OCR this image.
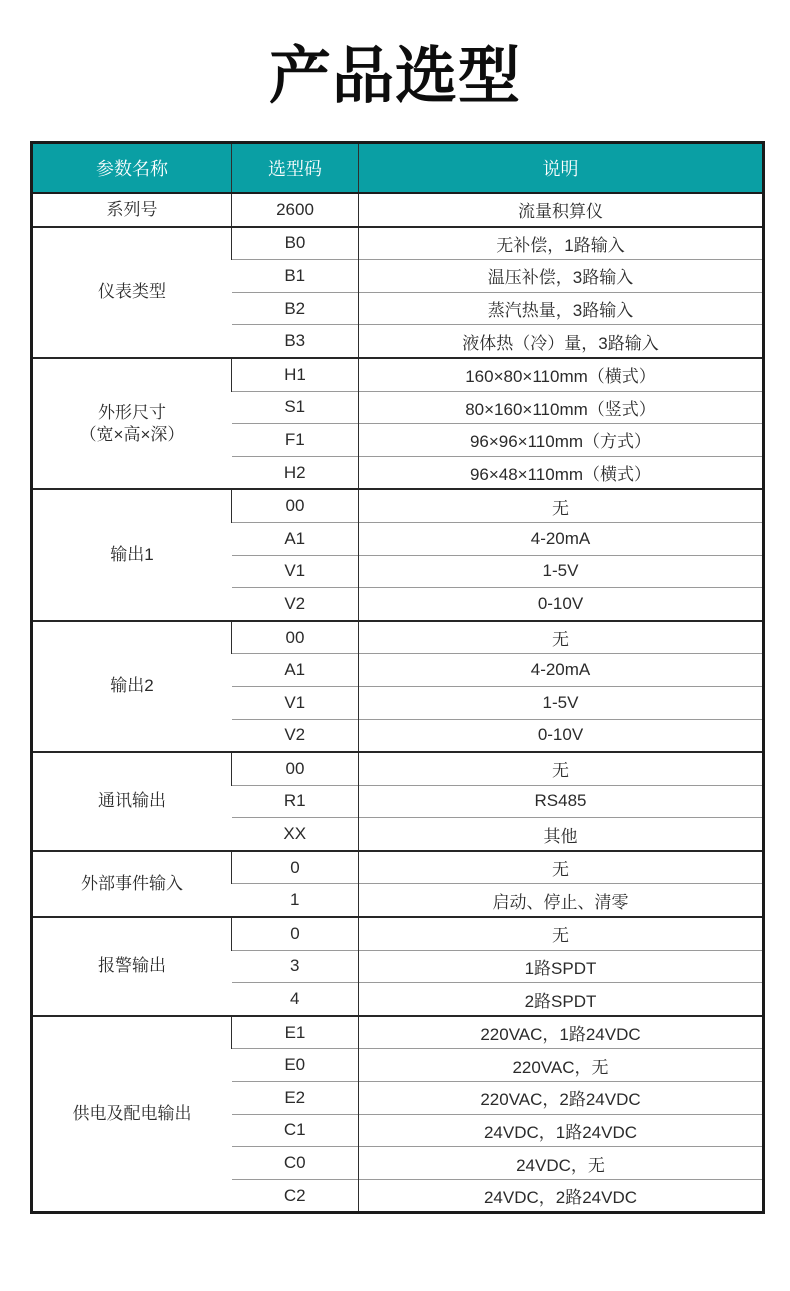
产品选型
参数名称	选型码	说明
系列号	2600	流量积算仪
仪表类型	B0	无补偿，1路输入
	B1	温压补偿，3路输入
	B2	蒸汽热量，3路输入
	B3	液体热（冷）量，3路输入

外形尺寸
（宽×高×深）	H1	160×80×110mm（横式）
	S1	80×160×110mm（竖式）
	F1	96×96×110mm（方式）
	H2	96×48×110mm（横式）
输出1	00	无
	A1	4-20mA
	V1	1-5V
	V2	0-10V
输出2	00	无
	A1	4-20mA
	V1	1-5V
	V2	0-10V
通讯输出	00	无
	R1	RS485
	XX	其他
外部事件输入	0	无
	1	启动、停止、清零
报警输出	0	无
	3	1路SPDT
	4	2路SPDT
供电及配电输出	E1	220VAC，1路24VDC
	E0	220VAC，无
	E2	220VAC，2路24VDC
	C1	24VDC，1路24VDC
	C0	24VDC，无
	C2	24VDC，2路24VDC
